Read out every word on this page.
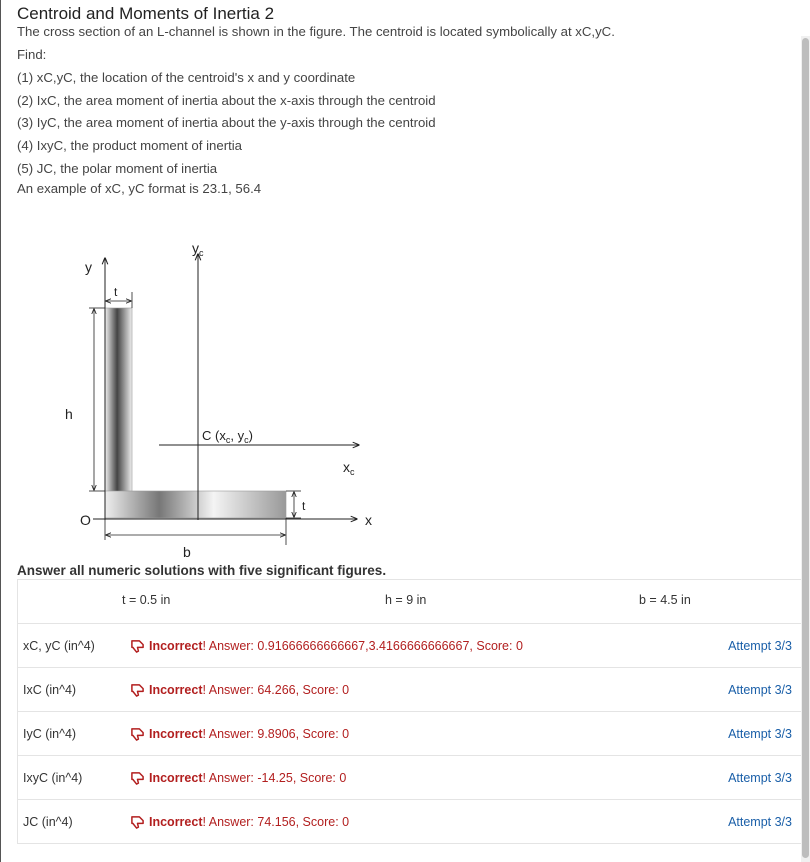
Centroid and Moments of Inertia 2
The cross section of an L-channel is shown in the figure. The centroid is located symbolically at xC,yC.
Find:
(1) xC,yC, the location of the centroid's x and y coordinate
(2) IxC, the area moment of inertia about the x-axis through the centroid
(3) IyC, the area moment of inertia about the y-axis through the centroid
(4) IxyC, the product moment of inertia
(5) JC, the polar moment of inertia
An example of xC, yC format is 23.1, 56.4
y
x
O
$y_c$
$x_c$
C ($x_c$, $y_c$)
t
h
t
b
Answer all numeric solutions with five significant figures.
t = 0.5 in	h = 9 in	b = 4.5 in
xC, yC (in^4)	Incorrect ! Answer: 0.91666666666667,3.4166666666667, Score: 0	Attempt 3/3
IxC (in^4)	Incorrect ! Answer: 64.266, Score: 0	Attempt 3/3
IyC (in^4)	Incorrect ! Answer: 9.8906, Score: 0	Attempt 3/3
IxyC (in^4)	Incorrect ! Answer: -14.25, Score: 0	Attempt 3/3
JC (in^4)	Incorrect ! Answer: 74.156, Score: 0	Attempt 3/3
